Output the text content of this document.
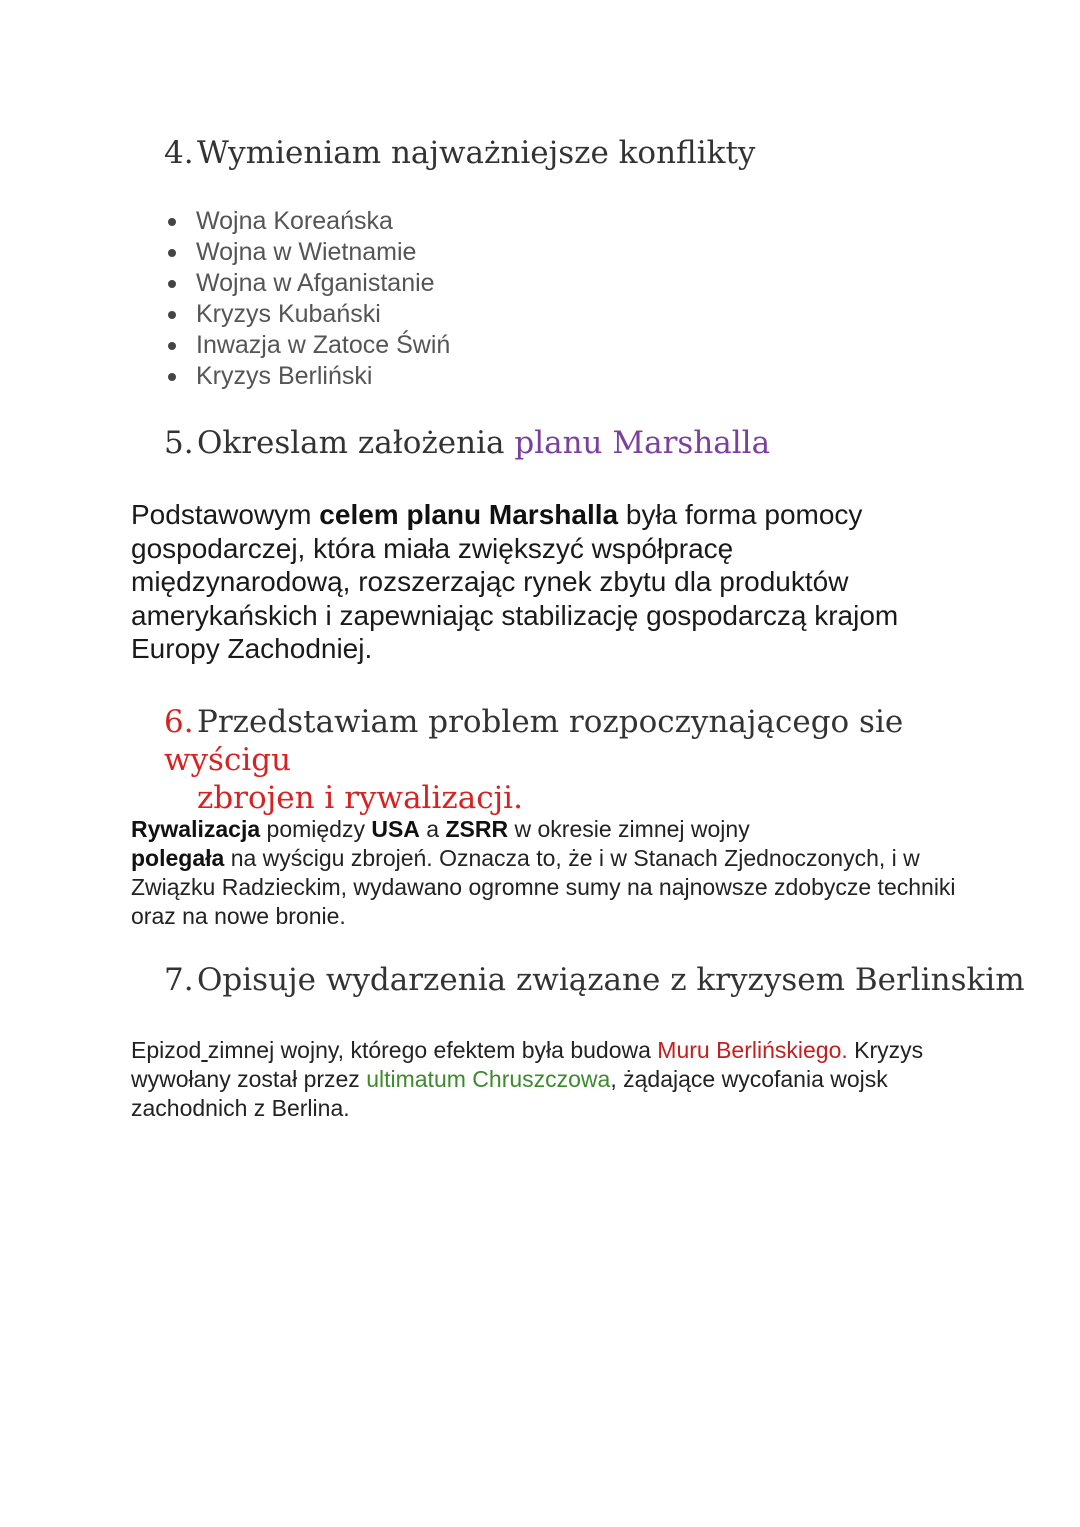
4. Wymieniam najważniejsze konflikty
Wojna Koreańska
Wojna w Wietnamie
Wojna w Afganistanie
Kryzys Kubański
Inwazja w Zatoce Świń
Kryzys Berliński
5. Okreslam założenia planu Marshalla

Podstawowym celem planu Marshalla była forma pomocy gospodarczej, która miała zwiększyć współpracę międzynarodową, rozszerzając rynek zbytu dla produktów amerykańskich i zapewniając stabilizację gospodarczą krajom Europy Zachodniej.

6. Przedstawiam problem rozpoczynającego sie wyścigu
zbrojen i rywalizacji.

Rywalizacja pomiędzy USA a ZSRR w okresie zimnej wojny

polegała na wyścigu zbrojeń. Oznacza to, że i w Stanach Zjednoczonych, i w Związku Radzieckim, wydawano ogromne sumy na najnowsze zdobycze techniki oraz na nowe bronie.

7. Opisuje wydarzenia związane z kryzysem Berlinskim

Epizod zimnej wojny, którego efektem była budowa Muru Berlińskiego. Kryzys wywołany został przez ultimatum Chruszczowa, żądające wycofania wojsk zachodnich z Berlina.
